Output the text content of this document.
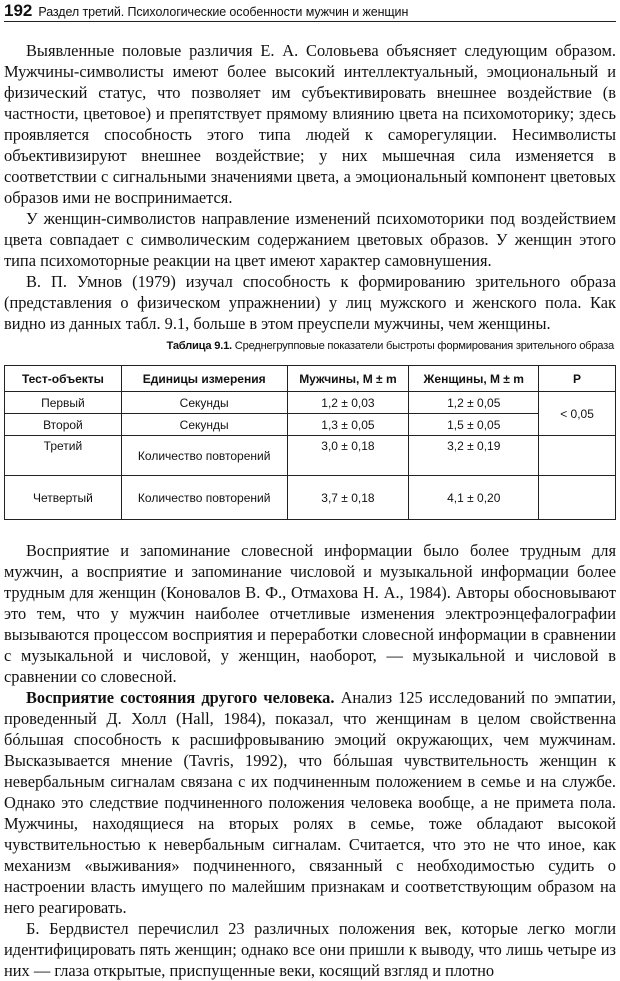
192 Раздел третий. Психологические особенности мужчин и женщин

Выявленные половые различия Е. А. Соловьева объясняет следующим образом. Мужчины-символисты имеют более высокий интеллектуальный, эмоциональный и физический статус, что позволяет им субъективировать внешнее воздействие (в частности, цветовое) и препятствует прямому влиянию цвета на психомоторику; здесь проявляется способность этого типа людей к саморегуляции. Несимволисты объективизируют внешнее воздействие; у них мышечная сила изменяется в соответствии с сигнальными значениями цвета, а эмоциональный компонент цветовых образов ими не воспринимается.

У женщин-символистов направление изменений психомоторики под воздействием цвета совпадает с символическим содержанием цветовых образов. У женщин этого типа психомоторные реакции на цвет имеют характер самовнушения.

В. П. Умнов (1979) изучал способность к формированию зрительного образа (представления о физическом упражнении) у лиц мужского и женского пола. Как видно из данных табл. 9.1, больше в этом преуспели мужчины, чем женщины.

Таблица 9.1. Среднегрупповые показатели быстроты формирования зрительного образа
Тест-объекты	Единицы измерения	Мужчины, M ± m	Женщины, M ± m	P
Первый	Секунды	1,2 ± 0,03	1,2 ± 0,05	< 0,05
Второй	Секунды	1,3 ± 0,05	1,5 ± 0,05	
Третий	Количество повторений	3,0 ± 0,18	3,2 ± 0,19	
Четвертый	Количество повторений	3,7 ± 0,18	4,1 ± 0,20	

Восприятие и запоминание словесной информации было более трудным для мужчин, а восприятие и запоминание числовой и музыкальной информации более трудным для женщин (Коновалов В. Ф., Отмахова Н. А., 1984). Авторы обосновывают это тем, что у мужчин наиболее отчетливые изменения электроэнцефалографии вызываются процессом восприятия и переработки словесной информации в сравнении с музыкальной и числовой, у женщин, наоборот, — музыкальной и числовой в сравнении со словесной.

Восприятие состояния другого человека. Анализ 125 исследований по эмпатии, проведенный Д. Холл (Hall, 1984), показал, что женщинам в целом свойственна бóльшая способность к расшифровыванию эмоций окружающих, чем мужчинам. Высказывается мнение (Tavris, 1992), что бóльшая чувствительность женщин к невербальным сигналам связана с их подчиненным положением в семье и на службе. Однако это следствие подчиненного положения человека вообще, а не примета пола. Мужчины, находящиеся на вторых ролях в семье, тоже обладают высокой чувствительностью к невербальным сигналам. Считается, что это не что иное, как механизм «выживания» подчиненного, связанный с необходимостью судить о настроении власть имущего по малейшим признакам и соответствующим образом на него реагировать.

Б. Бердвистел перечислил 23 различных положения век, которые легко могли идентифицировать пять женщин; однако все они пришли к выводу, что лишь четыре из них — глаза открытые, приспущенные веки, косящий взгляд и плотно
